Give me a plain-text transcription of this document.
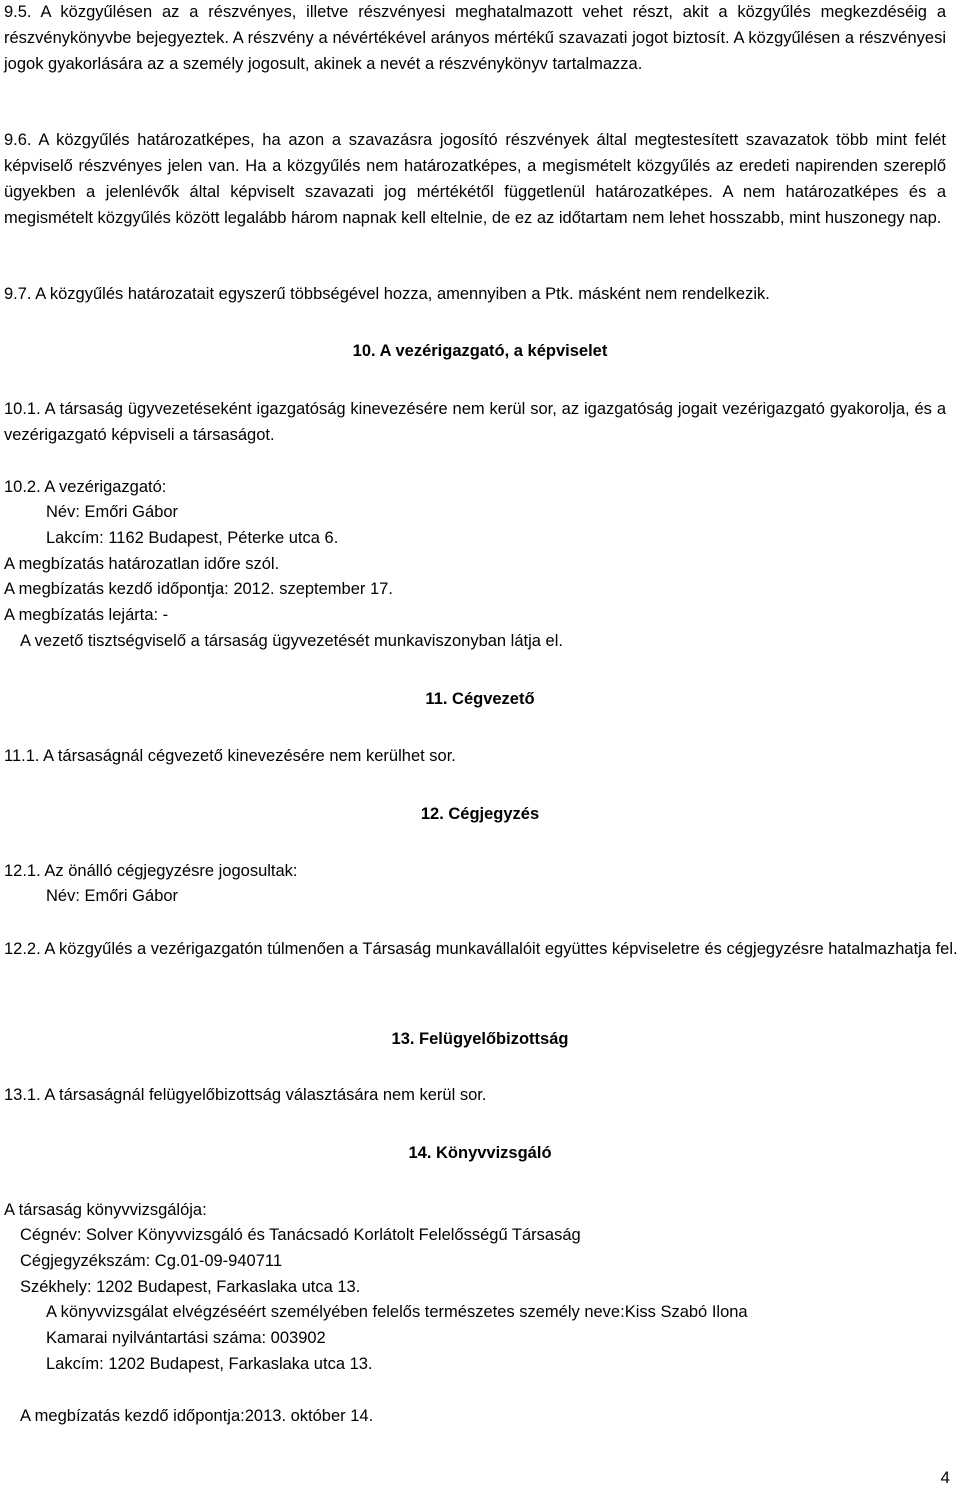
9.5. A közgyűlésen az a részvényes, illetve részvényesi meghatalmazott vehet részt, akit a közgyűlés megkezdéséig a részvénykönyvbe bejegyeztek. A részvény a névértékével arányos mértékű szavazati jogot biztosít. A közgyűlésen a részvényesi jogok gyakorlására az a személy jogosult, akinek a nevét a részvénykönyv tartalmazza.

9.6. A közgyűlés határozatképes, ha azon a szavazásra jogosító részvények által megtestesített szavazatok több mint felét képviselő részvényes jelen van. Ha a közgyűlés nem határozatképes, a megismételt közgyűlés az eredeti napirenden szereplő ügyekben a jelenlévők által képviselt szavazati jog mértékétől függetlenül határozatképes. A nem határozatképes és a megismételt közgyűlés között legalább három napnak kell eltelnie, de ez az időtartam nem lehet hosszabb, mint huszonegy nap.

9.7. A közgyűlés határozatait egyszerű többségével hozza, amennyiben a Ptk. másként nem rendelkezik.

10. A vezérigazgató, a képviselet

10.1. A társaság ügyvezetéseként igazgatóság kinevezésére nem kerül sor, az igazgatóság jogait vezérigazgató gyakorolja, és a vezérigazgató képviseli a társaságot.

10.2. A vezérigazgató:
Név: Emőri Gábor
Lakcím: 1162 Budapest, Péterke utca 6.
A megbízatás határozatlan időre szól.
A megbízatás kezdő időpontja: 2012. szeptember 17.
A megbízatás lejárta: -
A vezető tisztségviselő a társaság ügyvezetését munkaviszonyban látja el.
11. Cégvezető
11.1. A társaságnál cégvezető kinevezésére nem kerülhet sor.
12. Cégjegyzés
12.1. Az önálló cégjegyzésre jogosultak:
Név: Emőri Gábor

12.2. A közgyűlés a vezérigazgatón túlmenően a Társaság munkavállalóit együttes képviseletre és cégjegyzésre hatalmazhatja fel.

13. Felügyelőbizottság
13.1. A társaságnál felügyelőbizottság választására nem kerül sor.
14. Könyvvizsgáló
A társaság könyvvizsgálója:
Cégnév: Solver Könyvvizsgáló és Tanácsadó Korlátolt Felelősségű Társaság
Cégjegyzékszám: Cg.01-09-940711
Székhely: 1202 Budapest, Farkaslaka utca 13.
A könyvvizsgálat elvégzéséért személyében felelős természetes személy neve:Kiss Szabó Ilona
Kamarai nyilvántartási száma: 003902
Lakcím: 1202 Budapest, Farkaslaka utca 13.
A megbízatás kezdő időpontja:2013. október 14.
4
